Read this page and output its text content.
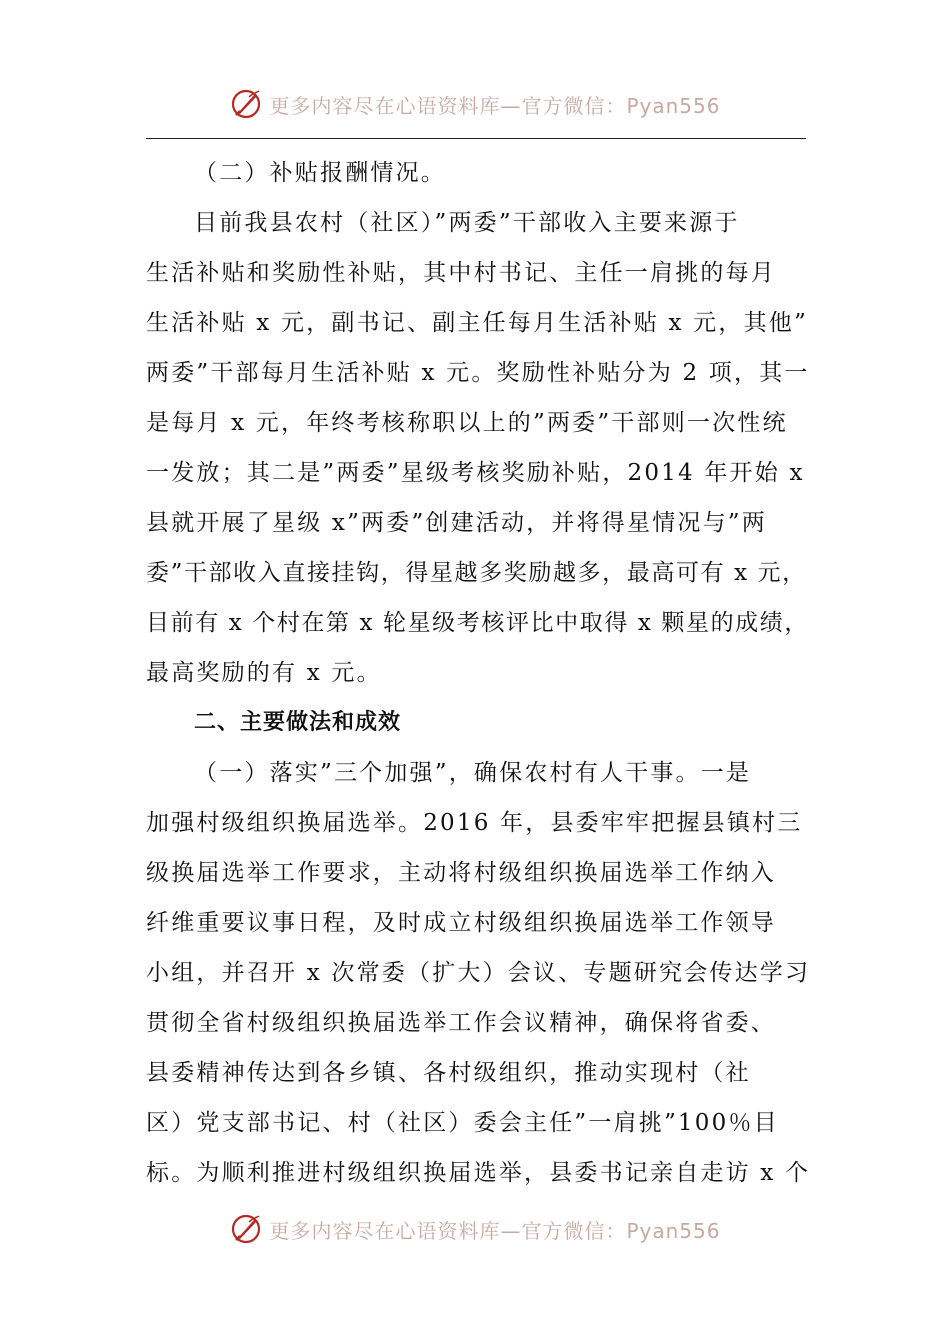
更多内容尽在心语资料库—官方微信：Pyan556
（二）补贴报酬情况。
目前我县农村（社区）”两委”干部收入主要来源于
生活补贴和奖励性补贴，其中村书记、主任一肩挑的每月
生活补贴 x 元，副书记、副主任每月生活补贴 x 元，其他”
两委”干部每月生活补贴 x 元。奖励性补贴分为 2 项，其一
是每月 x 元，年终考核称职以上的”两委”干部则一次性统
一发放；其二是”两委”星级考核奖励补贴，2014 年开始 x
县就开展了星级 x”两委”创建活动，并将得星情况与”两
委”干部收入直接挂钩，得星越多奖励越多，最高可有 x 元，
目前有 x 个村在第 x 轮星级考核评比中取得 x 颗星的成绩，
最高奖励的有 x 元。
二、主要做法和成效
（一）落实”三个加强”，确保农村有人干事。一是
加强村级组织换届选举。2016 年，县委牢牢把握县镇村三
级换届选举工作要求，主动将村级组织换届选举工作纳入
纤维重要议事日程，及时成立村级组织换届选举工作领导
小组，并召开 x 次常委（扩大）会议、专题研究会传达学习
贯彻全省村级组织换届选举工作会议精神，确保将省委、
县委精神传达到各乡镇、各村级组织，推动实现村（社
区）党支部书记、村（社区）委会主任”一肩挑”100％目
标。为顺利推进村级组织换届选举，县委书记亲自走访 x 个
更多内容尽在心语资料库—官方微信：Pyan556
